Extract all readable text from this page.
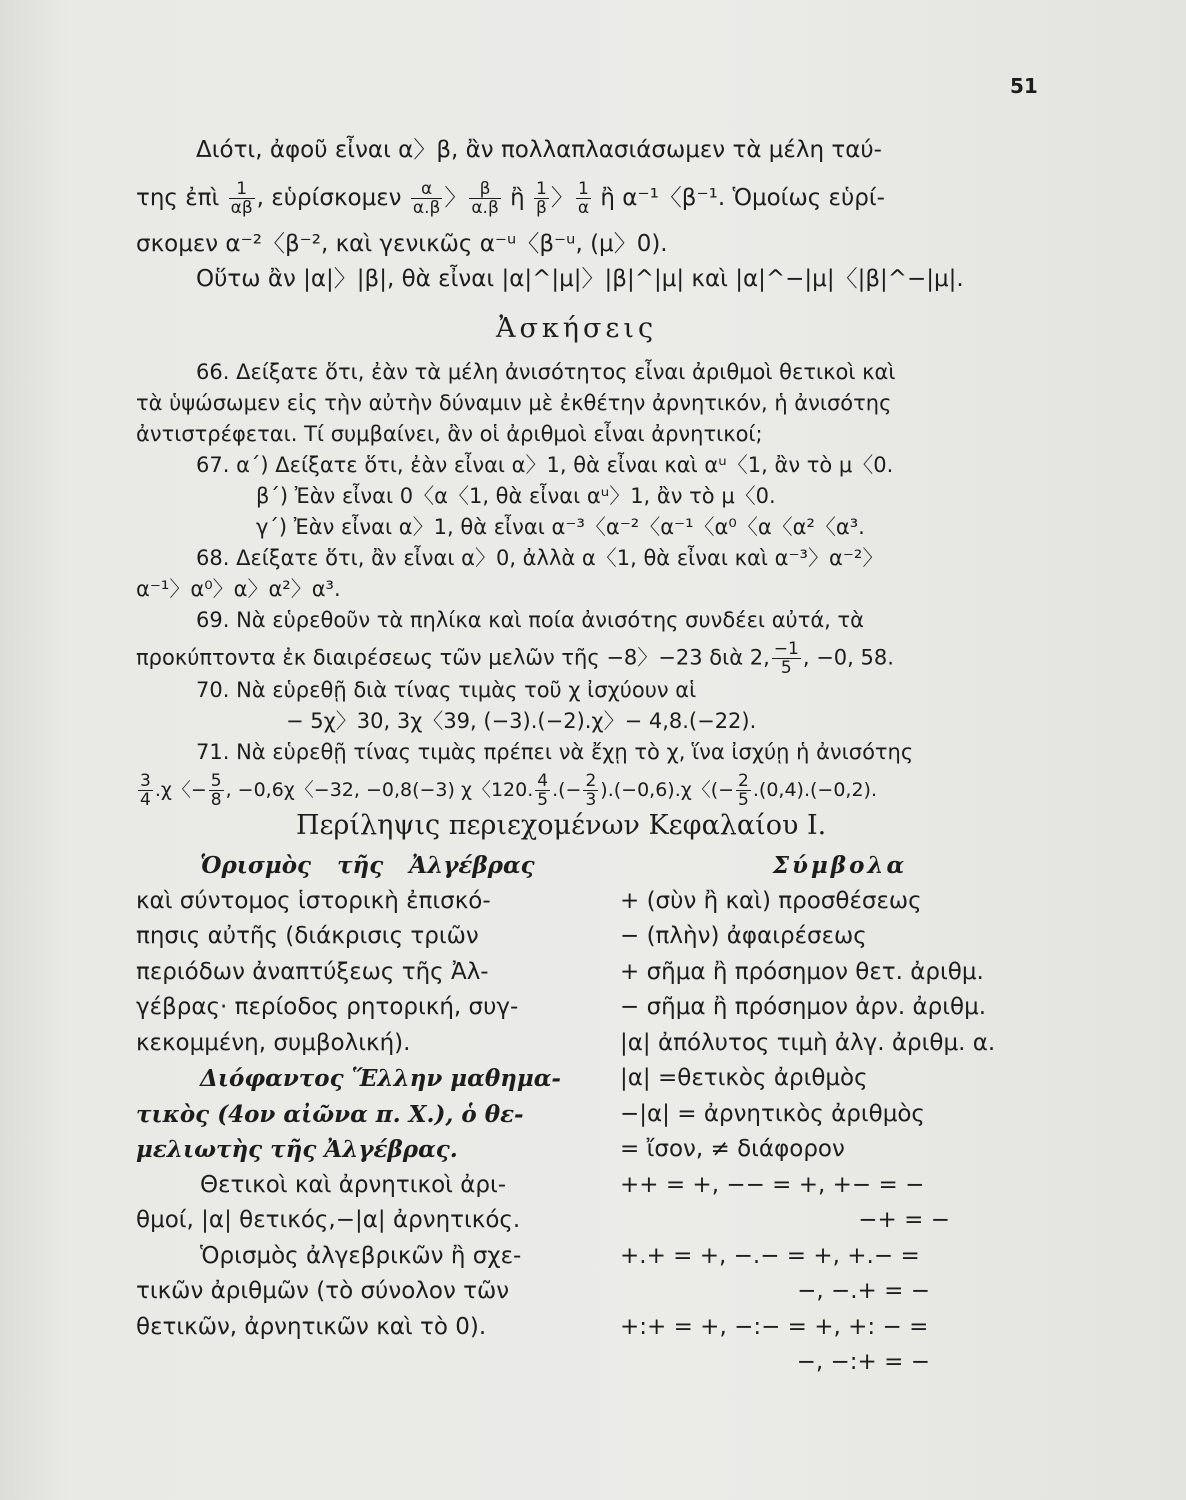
51
Διότι, ἀφοῦ εἶναι α〉β, ἂν πολλαπλασιάσωμεν τὰ μέλη ταύ-
της ἐπὶ $\frac{1}{\alpha\beta}$ , εὑρίσκομεν $\frac{\alpha}{\alpha.\beta}$ 〉 $\frac{\beta}{\alpha.\beta}$ ἢ $\frac{1}{\beta}$ 〉 $\frac{1}{\alpha}$ ἢ α⁻¹〈β⁻¹. Ὁμοίως εὑρί-
σκομεν α⁻²〈β⁻², καὶ γενικῶς α⁻ᵘ〈β⁻ᵘ, (μ〉0).
Οὕτω ἂν |α|〉|β|, θὰ εἶναι |α|^|μ|〉|β|^|μ| καὶ |α|^−|μ|〈|β|^−|μ|.
Ἀσκήσεις
66. Δείξατε ὅτι, ἐὰν τὰ μέλη ἀνισότητος εἶναι ἀριθμοὶ θετικοὶ καὶ
τὰ ὑψώσωμεν εἰς τὴν αὐτὴν δύναμιν μὲ ἐκθέτην ἀρνητικόν, ἡ ἀνισότης
ἀντιστρέφεται. Τί συμβαίνει, ἂν οἱ ἀριθμοὶ εἶναι ἀρνητικοί;
67. α΄) Δείξατε ὅτι, ἐὰν εἶναι α〉1, θὰ εἶναι καὶ αᵘ〈1, ἂν τὸ μ〈0.
β΄) Ἐὰν εἶναι 0〈α〈1, θὰ εἶναι αᵘ〉1, ἂν τὸ μ〈0.
γ΄) Ἐὰν εἶναι α〉1, θὰ εἶναι α⁻³〈α⁻²〈α⁻¹〈α⁰〈α〈α²〈α³.
68. Δείξατε ὅτι, ἂν εἶναι α〉0, ἀλλὰ α〈1, θὰ εἶναι καὶ α⁻³〉α⁻²〉
α⁻¹〉α⁰〉α〉α²〉α³.
69. Νὰ εὑρεθοῦν τὰ πηλίκα καὶ ποία ἀνισότης συνδέει αὐτά, τὰ
προκύπτοντα ἐκ διαιρέσεως τῶν μελῶν τῆς −8〉−23 διὰ 2, $\frac{-1}{5}$ , −0, 58.
70. Νὰ εὑρεθῇ διὰ τίνας τιμὰς τοῦ χ ἰσχύουν αἱ
− 5χ〉30, 3χ〈39, (−3).(−2).χ〉− 4,8.(−22).
71. Νὰ εὑρεθῇ τίνας τιμὰς πρέπει νὰ ἔχῃ τὸ χ, ἵνα ἰσχύῃ ἡ ἀνισότης
$\frac{3}{4} .\chi$〈− $\frac{5}{8}$ , −0,6χ〈−32, −0,8(−3) χ〈120. $\frac{4}{5}$ .(− $\frac{2}{3} ).(-0,6).\chi$〈(− $\frac{2}{5} .(0,4).(-0,2)$.
Περίληψις περιεχομένων Κεφαλαίου I.

Ὁρισμὸς τῆς Ἀλγέβρας

καὶ σύντομος ἱστορικὴ ἐπισκό-

πησις αὐτῆς (διάκρισις τριῶν

περιόδων ἀναπτύξεως τῆς Ἀλ-

γέβρας· περίοδος ρητορική, συγ-

κεκομμένη, συμβολική).

Διόφαντος Ἕλλην μαθημα-

τικὸς (4ον αἰῶνα π. Χ.), ὁ θε-

μελιωτὴς τῆς Ἀλγέβρας.

Θετικοὶ καὶ ἀρνητικοὶ ἀρι-

θμοί, |α| θετικός,−|α| ἀρνητικός.

Ὁρισμὸς ἀλγεβρικῶν ἢ σχε-

τικῶν ἀριθμῶν (τὸ σύνολον τῶν

θετικῶν, ἀρνητικῶν καὶ τὸ 0).

Σύμβολα
+ (σὺν ἢ καὶ) προσθέσεως
− (πλὴν) ἀφαιρέσεως
+ σῆμα ἢ πρόσημον θετ. ἀριθμ.
− σῆμα ἢ πρόσημον ἀρν. ἀριθμ.
|α| ἀπόλυτος τιμὴ ἀλγ. ἀριθμ. α.
|α| =θετικὸς ἀριθμὸς
−|α| = ἀρνητικὸς ἀριθμὸς
= ἴσον, ≠ διάφορον
++ = +, −− = +, +− = −
−+ = −
+.+ = +, −.− = +, +.− =
−, −.+ = −
+:+ = +, −:− = +, +: − =
−, −:+ = −
